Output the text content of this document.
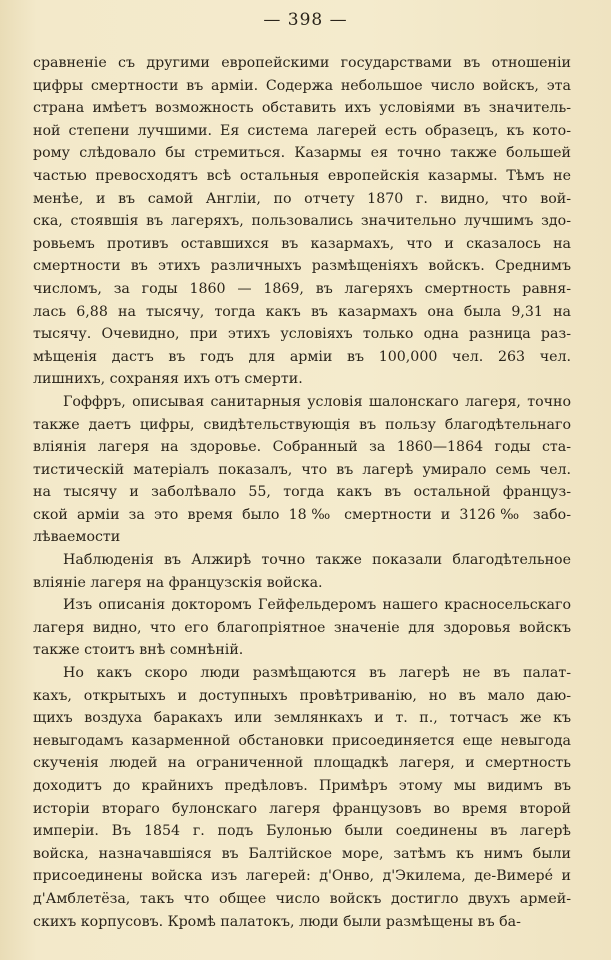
— 398 —
сравненіе съ другими европейскими государствами въ отношеніи
цифры смертности въ арміи. Содержа небольшое число войскъ, эта
страна имѣетъ возможность обставить ихъ условіями въ значитель-
ной степени лучшими. Ея система лагерей есть образецъ, къ кото-
рому слѣдовало бы стремиться. Казармы ея точно также большей
частью превосходятъ всѣ остальныя европейскія казармы. Тѣмъ не
менѣе, и въ самой Англіи, по отчету 1870 г. видно, что вой-
ска, стоявшія въ лагеряхъ, пользовались значительно лучшимъ здо-
ровьемъ противъ оставшихся въ казармахъ, что и сказалось на
смертности въ этихъ различныхъ размѣщеніяхъ войскъ. Среднимъ
числомъ, за годы 1860 — 1869, въ лагеряхъ смертность равня-
лась 6,88 на тысячу, тогда какъ въ казармахъ она была 9,31 на
тысячу. Очевидно, при этихъ условіяхъ только одна разница раз-
мѣщенія дастъ въ годъ для арміи въ 100,000 чел. 263 чел.
лишнихъ, сохраняя ихъ отъ смерти.
Гоффръ, описывая санитарныя условія шалонскаго лагеря, точно
также даетъ цифры, свидѣтельствующія въ пользу благодѣтельнаго
вліянія лагеря на здоровье. Собранный за 1860—1864 годы ста-
тистическій матеріалъ показалъ, что въ лагерѣ умирало семь чел.
на тысячу и заболѣвало 55, тогда какъ въ остальной француз-
ской арміи за это время было 18‰ смертности и 3126‰ забо-
лѣваемости
Наблюденія въ Алжирѣ точно также показали благодѣтельное
вліяніе лагеря на французскія войска.
Изъ описанія докторомъ Гейфельдеромъ нашего красносельскаго
лагеря видно, что его благопріятное значеніе для здоровья войскъ
также стоитъ внѣ сомнѣній.
Но какъ скоро люди размѣщаются въ лагерѣ не въ палат-
кахъ, открытыхъ и доступныхъ провѣтриванію, но въ мало даю-
щихъ воздуха баракахъ или землянкахъ и т. п., тотчасъ же къ
невыгодамъ казарменной обстановки присоединяется еще невыгода
скученія людей на ограниченной площадкѣ лагеря, и смертность
доходитъ до крайнихъ предѣловъ. Примѣръ этому мы видимъ въ
исторіи втораго булонскаго лагеря французовъ во время второй
имперіи. Въ 1854 г. подъ Булонью были соединены въ лагерѣ
войска, назначавшіяся въ Балтійское море, затѣмъ къ нимъ были
присоединены войска изъ лагерей: д'Онво, д'Экилема, де-Вимерé и
д'Амблетёза, такъ что общее число войскъ достигло двухъ армей-
скихъ корпусовъ. Кромѣ палатокъ, люди были размѣщены въ ба-
